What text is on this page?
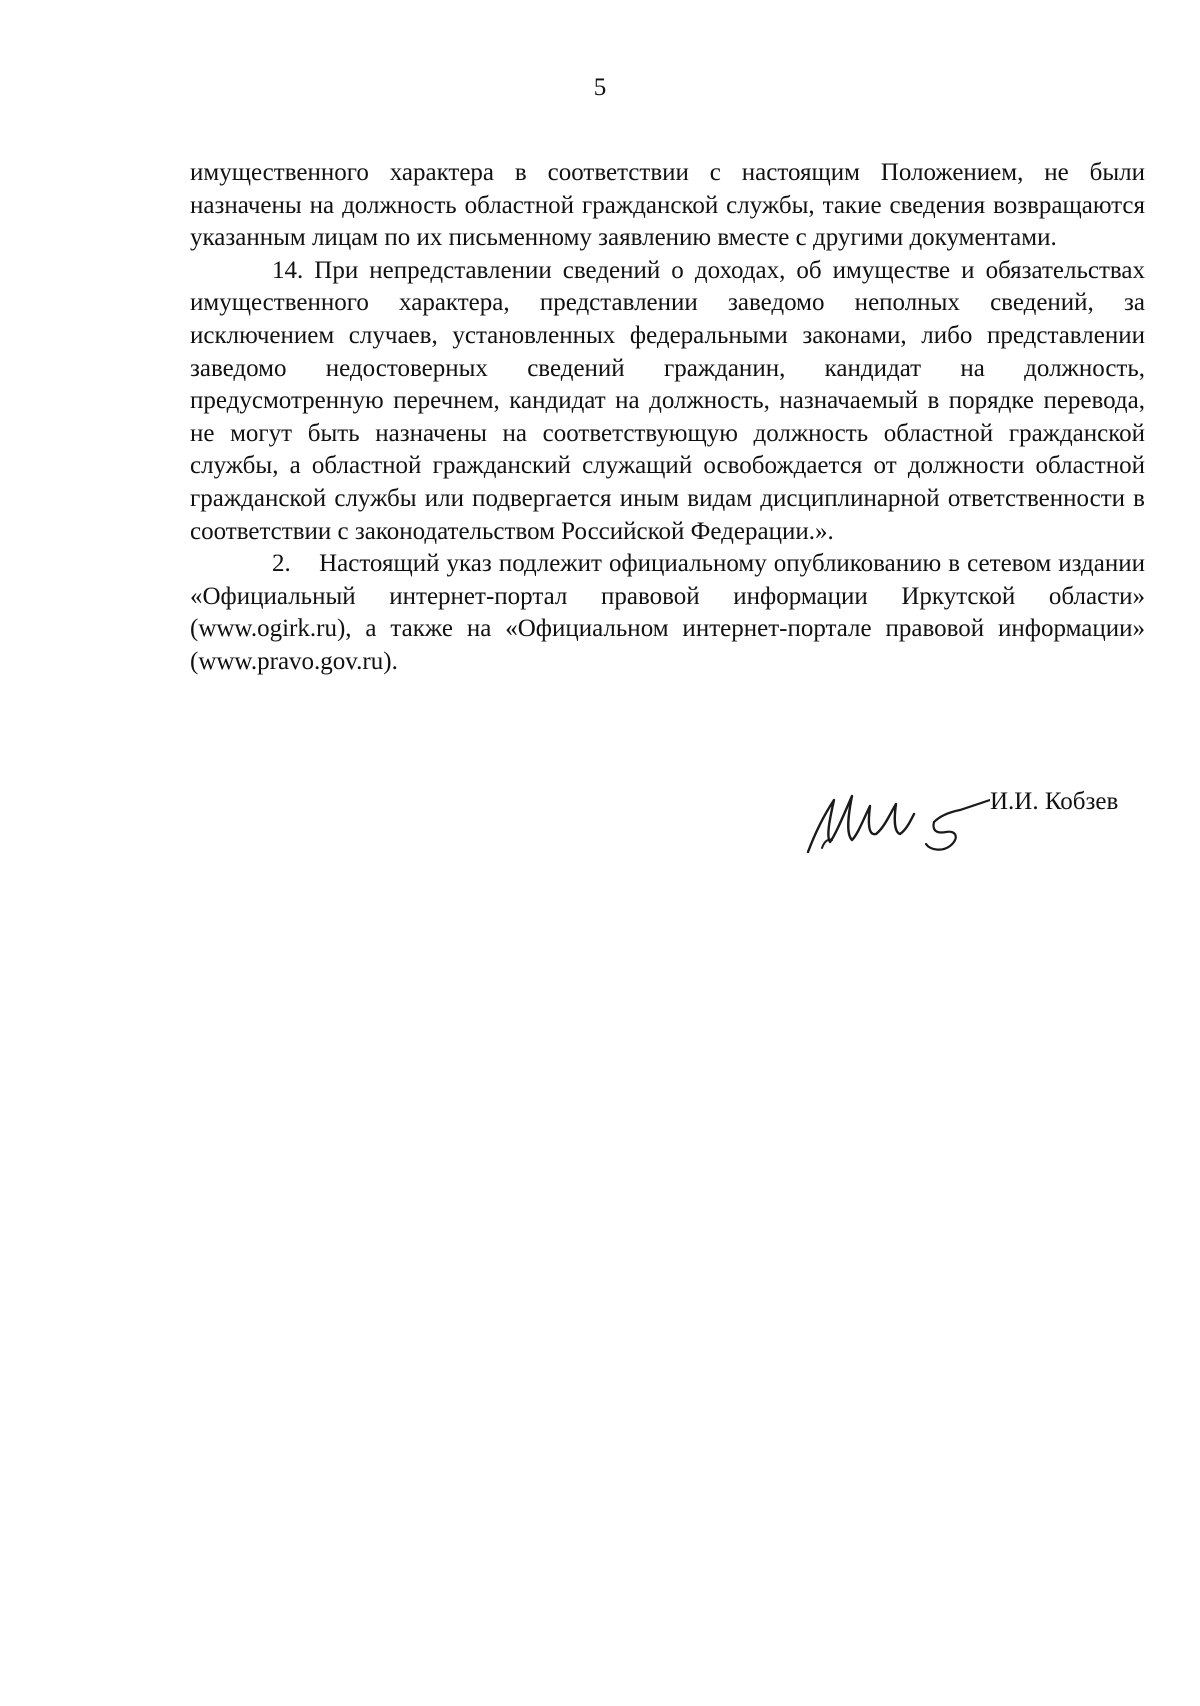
5

имущественного характера в соответствии с настоящим Положением, не были назначены на должность областной гражданской службы, такие сведения возвращаются указанным лицам по их письменному заявлению вместе с другими документами.

14. При непредставлении сведений о доходах, об имуществе и обязательствах имущественного характера, представлении заведомо неполных сведений, за исключением случаев, установленных федеральными законами, либо представлении заведомо недостоверных сведений гражданин, кандидат на должность, предусмотренную перечнем, кандидат на должность, назначаемый в порядке перевода, не могут быть назначены на соответствующую должность областной гражданской службы, а областной гражданский служащий освобождается от должности областной гражданской службы или подвергается иным видам дисциплинарной ответственности в соответствии с законодательством Российской Федерации.».

2.    Настоящий указ подлежит официальному опубликованию в сетевом издании «Официальный интернет-портал правовой информации Иркутской области» (www.ogirk.ru), а также на «Официальном интернет-портале правовой информации» (www.pravo.gov.ru).

И.И. Кобзев
